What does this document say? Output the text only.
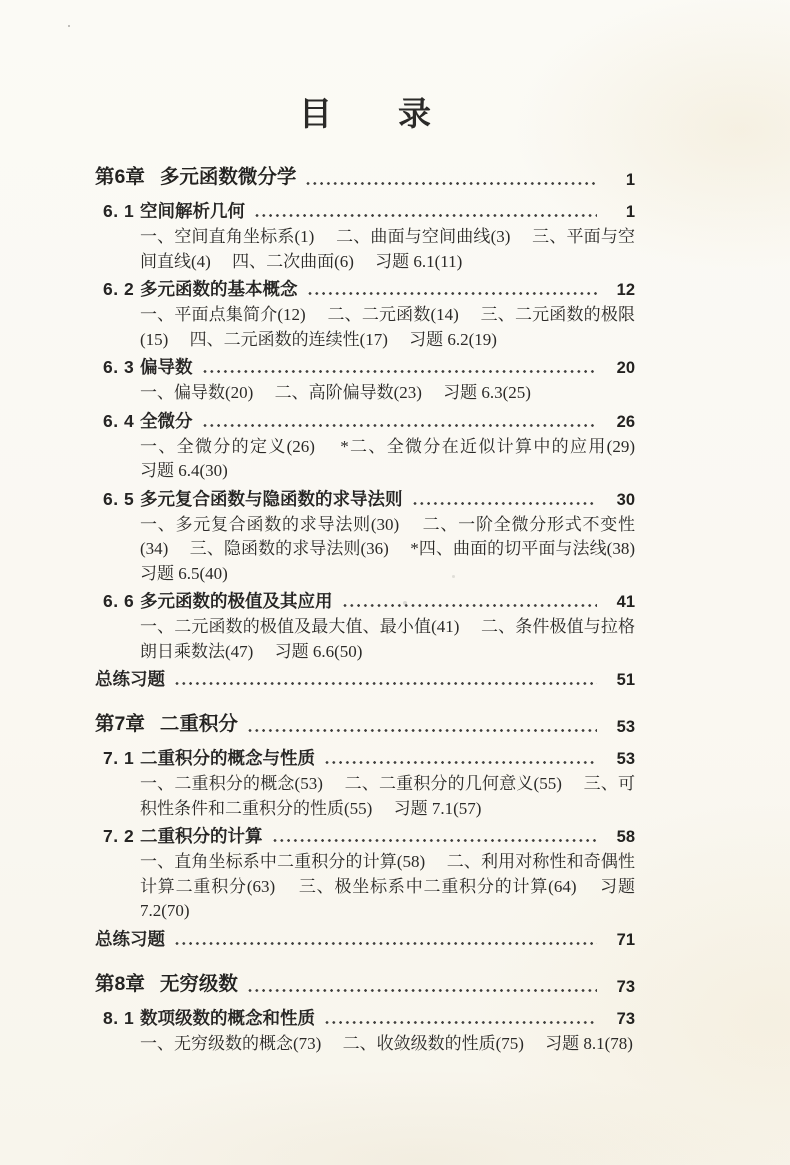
目　　录
第6章 多元函数微分学	1
6. 1 空间解析几何	1
一、空间直角坐标系(1)　 二、曲面与空间曲线(3)　 三、平面与空间直线(4)　 四、二次曲面(6)　 习题 6.1(11)
6. 2 多元函数的基本概念	12
一、平面点集简介(12)　 二、二元函数(14)　 三、二元函数的极限(15)　 四、二元函数的连续性(17)　 习题 6.2(19)
6. 3 偏导数	20
一、偏导数(20)　 二、高阶偏导数(23)　 习题 6.3(25)
6. 4 全微分	26
一、全微分的定义(26)　 *二、全微分在近似计算中的应用(29)　 习题 6.4(30)
6. 5 多元复合函数与隐函数的求导法则	30
一、多元复合函数的求导法则(30)　 二、一阶全微分形式不变性(34)　 三、隐函数的求导法则(36)　 *四、曲面的切平面与法线(38)　 习题 6.5(40)
6. 6 多元函数的极值及其应用	41
一、二元函数的极值及最大值、最小值(41)　 二、条件极值与拉格朗日乘数法(47)　 习题 6.6(50)
总练习题	51
第7章 二重积分	53
7. 1 二重积分的概念与性质	53
一、二重积分的概念(53)　 二、二重积分的几何意义(55)　 三、可积性条件和二重积分的性质(55)　 习题 7.1(57)
7. 2 二重积分的计算	58
一、直角坐标系中二重积分的计算(58)　 二、利用对称性和奇偶性计算二重积分(63)　 三、极坐标系中二重积分的计算(64)　 习题 7.2(70)
总练习题	71
第8章 无穷级数	73
8. 1 数项级数的概念和性质	73
一、无穷级数的概念(73)　 二、收敛级数的性质(75)　 习题 8.1(78)
